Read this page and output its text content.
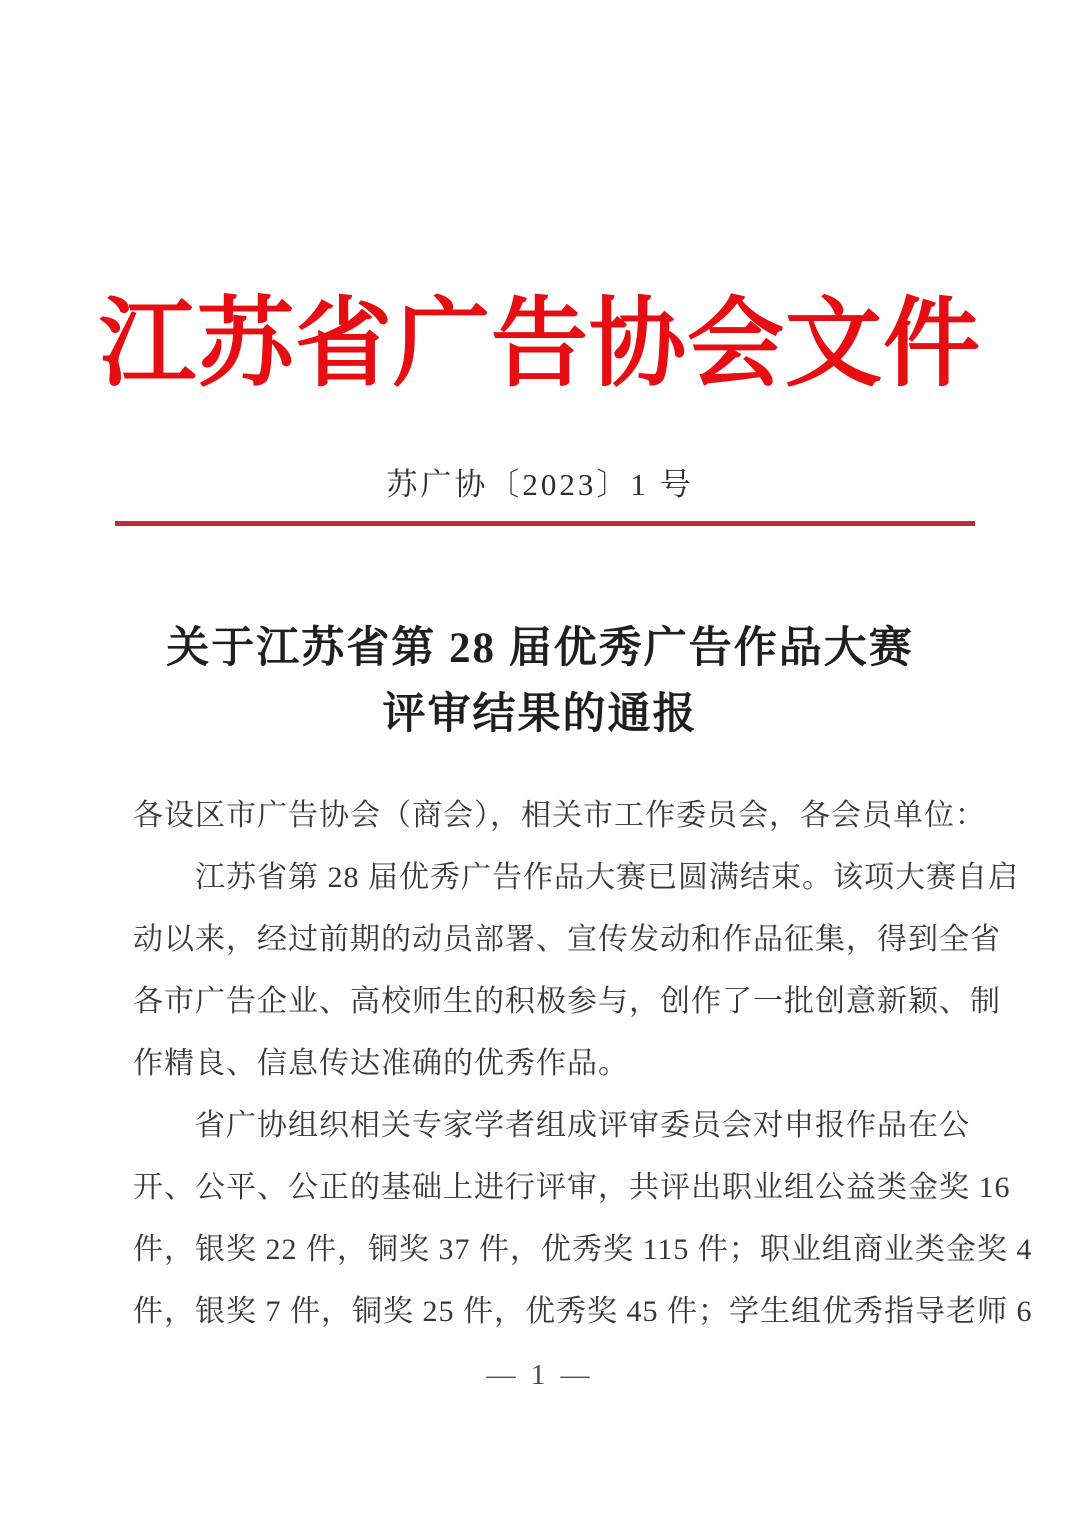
江苏省广告协会文件
苏广协〔2023〕1 号
关于江苏省第 28 届优秀广告作品大赛
评审结果的通报
各设区市广告协会（商会），相关市工作委员会，各会员单位：
　　江苏省第 28 届优秀广告作品大赛已圆满结束。该项大赛自启
动以来，经过前期的动员部署、宣传发动和作品征集，得到全省
各市广告企业、高校师生的积极参与，创作了一批创意新颖、制
作精良、信息传达准确的优秀作品。
　　省广协组织相关专家学者组成评审委员会对申报作品在公
开、公平、公正的基础上进行评审，共评出职业组公益类金奖 16
件，银奖 22 件，铜奖 37 件，优秀奖 115 件；职业组商业类金奖 4
件，银奖 7 件，铜奖 25 件，优秀奖 45 件；学生组优秀指导老师 6
— 1 —
